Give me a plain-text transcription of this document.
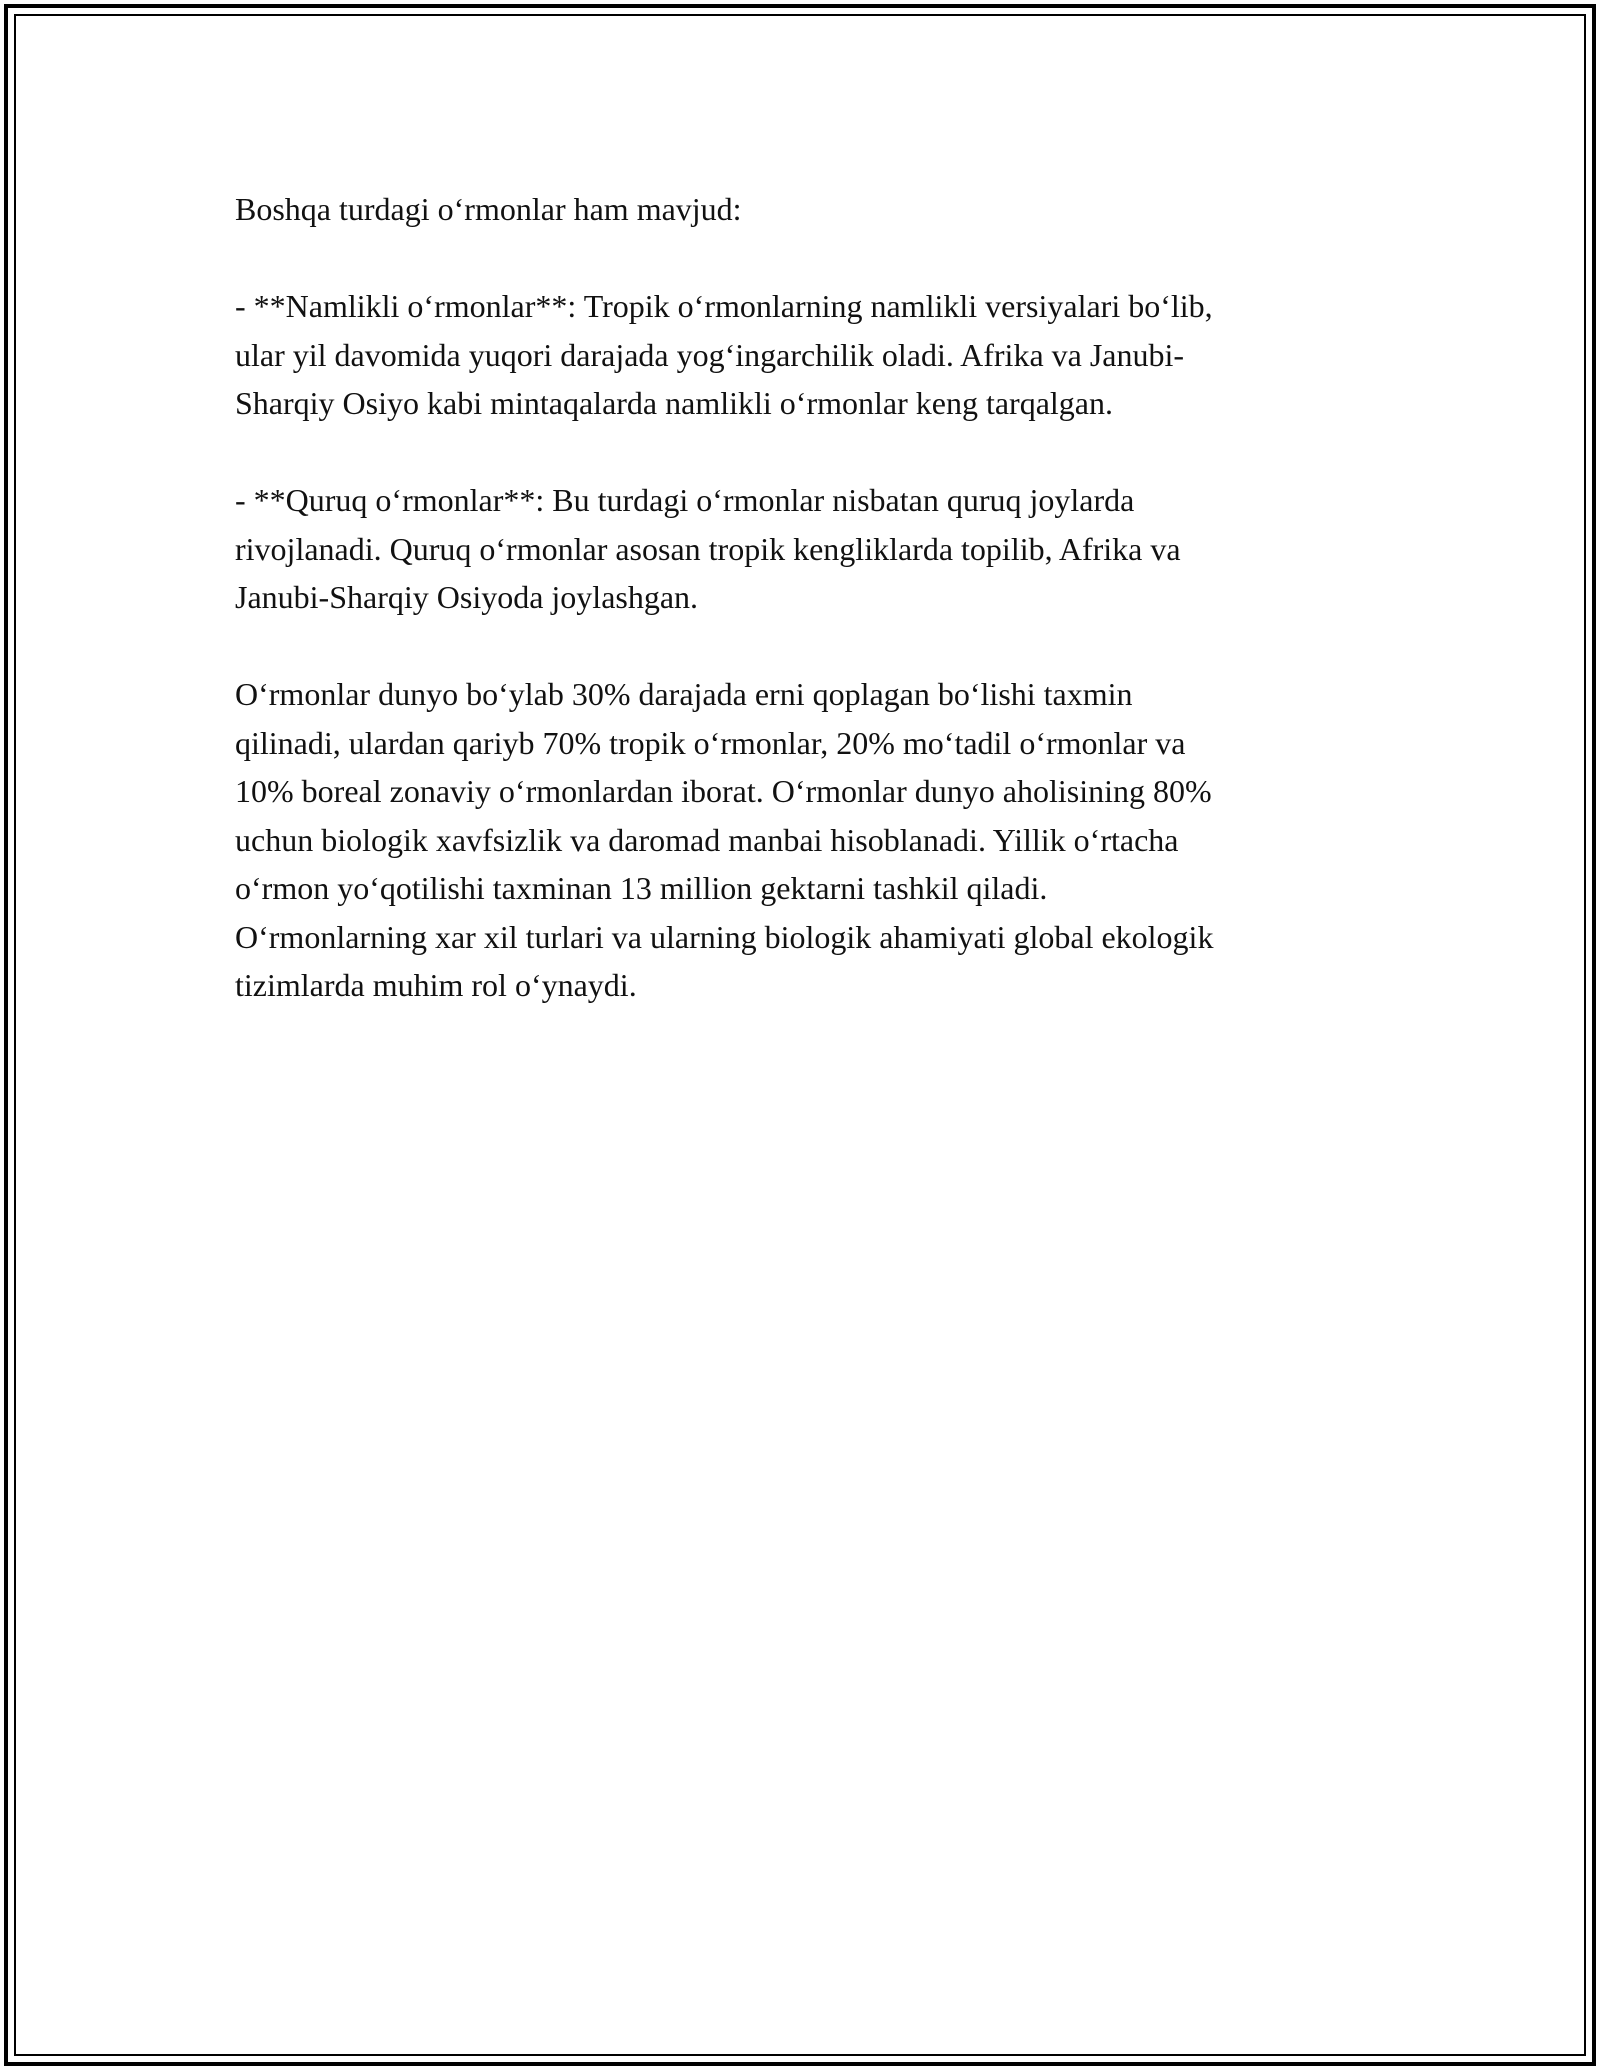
Boshqa turdagi o‘rmonlar ham mavjud:

- **Namlikli o‘rmonlar**: Tropik o‘rmonlarning namlikli versiyalari bo‘lib,
ular yil davomida yuqori darajada yog‘ingarchilik oladi. Afrika va Janubi-
Sharqiy Osiyo kabi mintaqalarda namlikli o‘rmonlar keng tarqalgan.

- **Quruq o‘rmonlar**: Bu turdagi o‘rmonlar nisbatan quruq joylarda
rivojlanadi. Quruq o‘rmonlar asosan tropik kengliklarda topilib, Afrika va
Janubi-Sharqiy Osiyoda joylashgan.

O‘rmonlar dunyo bo‘ylab 30% darajada erni qoplagan bo‘lishi taxmin
qilinadi, ulardan qariyb 70% tropik o‘rmonlar, 20% mo‘tadil o‘rmonlar va
10% boreal zonaviy o‘rmonlardan iborat. O‘rmonlar dunyo aholisining 80%
uchun biologik xavfsizlik va daromad manbai hisoblanadi. Yillik o‘rtacha
o‘rmon yo‘qotilishi taxminan 13 million gektarni tashkil qiladi.
O‘rmonlarning xar xil turlari va ularning biologik ahamiyati global ekologik
tizimlarda muhim rol o‘ynaydi.
